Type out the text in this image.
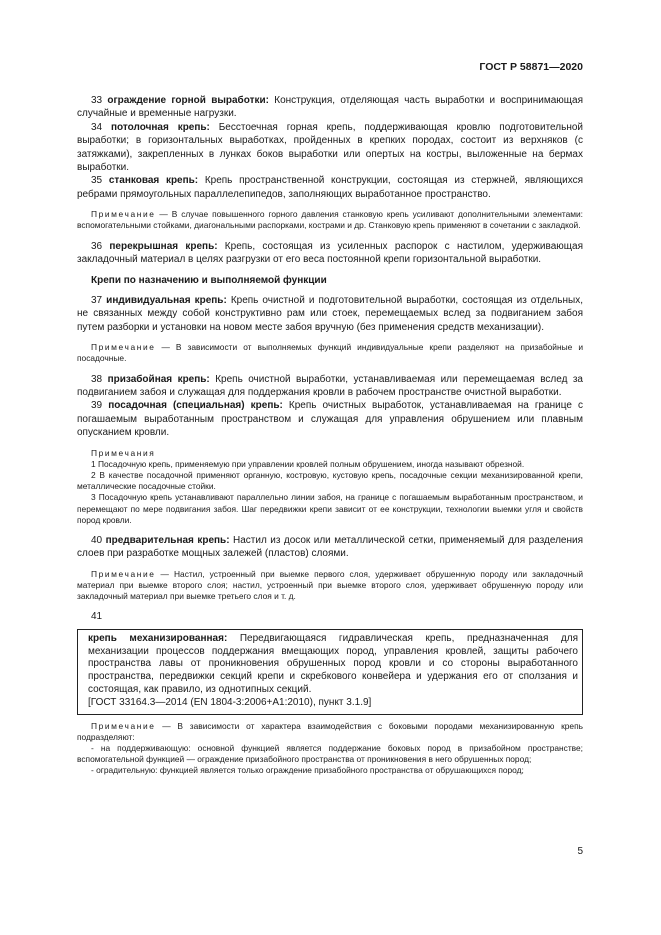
ГОСТ Р 58871—2020

33 ограждение горной выработки: Конструкция, отделяющая часть выработки и воспринимающая случайные и временные нагрузки.

34 потолочная крепь: Бесстоечная горная крепь, поддерживающая кровлю подготовительной выработки; в горизонтальных выработках, пройденных в крепких породах, состоит из верхняков (с затяжками), закрепленных в лунках боков выработки или опертых на костры, выложенные на бермах выработки.

35 станковая крепь: Крепь пространственной конструкции, состоящая из стержней, являющихся ребрами прямоугольных параллелепипедов, заполняющих выработанное пространство.

Примечание — В случае повышенного горного давления станковую крепь усиливают дополнительными элементами: вспомогательными стойками, диагональными распорками, кострами и др. Станковую крепь применяют в сочетании с закладкой.

36 перекрышная крепь: Крепь, состоящая из усиленных распорок с настилом, удерживающая закладочный материал в целях разгрузки от его веса постоянной крепи горизонтальной выработки.

Крепи по назначению и выполняемой функции

37 индивидуальная крепь: Крепь очистной и подготовительной выработки, состоящая из отдельных, не связанных между собой конструктивно рам или стоек, перемещаемых вслед за подвиганием забоя путем разборки и установки на новом месте забоя вручную (без применения средств механизации).

Примечание — В зависимости от выполняемых функций индивидуальные крепи разделяют на призабойные и посадочные.

38 призабойная крепь: Крепь очистной выработки, устанавливаемая или перемещаемая вслед за подвиганием забоя и служащая для поддержания кровли в рабочем пространстве очистной выработки.

39 посадочная (специальная) крепь: Крепь очистных выработок, устанавливаемая на границе с погашаемым выработанным пространством и служащая для управления обрушением или плавным опусканием кровли.

Примечания

1 Посадочную крепь, применяемую при управлении кровлей полным обрушением, иногда называют обрезной.

2 В качестве посадочной применяют органную, костровую, кустовую крепь, посадочные секции механизированной крепи, металлические посадочные стойки.

3 Посадочную крепь устанавливают параллельно линии забоя, на границе с погашаемым выработанным пространством, и перемещают по мере подвигания забоя. Шаг передвижки крепи зависит от ее конструкции, технологии выемки угля и свойств пород кровли.

40 предварительная крепь: Настил из досок или металлической сетки, применяемый для разделения слоев при разработке мощных залежей (пластов) слоями.

Примечание — Настил, устроенный при выемке первого слоя, удерживает обрушенную породу или закладочный материал при выемке второго слоя; настил, устроенный при выемке второго слоя, удерживает обрушенную породу или закладочный материал при выемке третьего слоя и т. д.

41

крепь механизированная: Передвигающаяся гидравлическая крепь, предназначенная для механизации процессов поддержания вмещающих пород, управления кровлей, защиты рабочего пространства лавы от проникновения обрушенных пород кровли и со стороны выработанного пространства, передвижки секций крепи и скребкового конвейера и удержания его от сползания и состоящая, как правило, из однотипных секций.

[ГОСТ 33164.3—2014 (EN 1804-3:2006+A1:2010), пункт 3.1.9]

Примечание — В зависимости от характера взаимодействия с боковыми породами механизированную крепь подразделяют:

- на поддерживающую: основной функцией является поддержание боковых пород в призабойном пространстве; вспомогательной функцией — ограждение призабойного пространства от проникновения в него обрушенных пород;

- оградительную: функцией является только ограждение призабойного пространства от обрушающихся пород;

5
